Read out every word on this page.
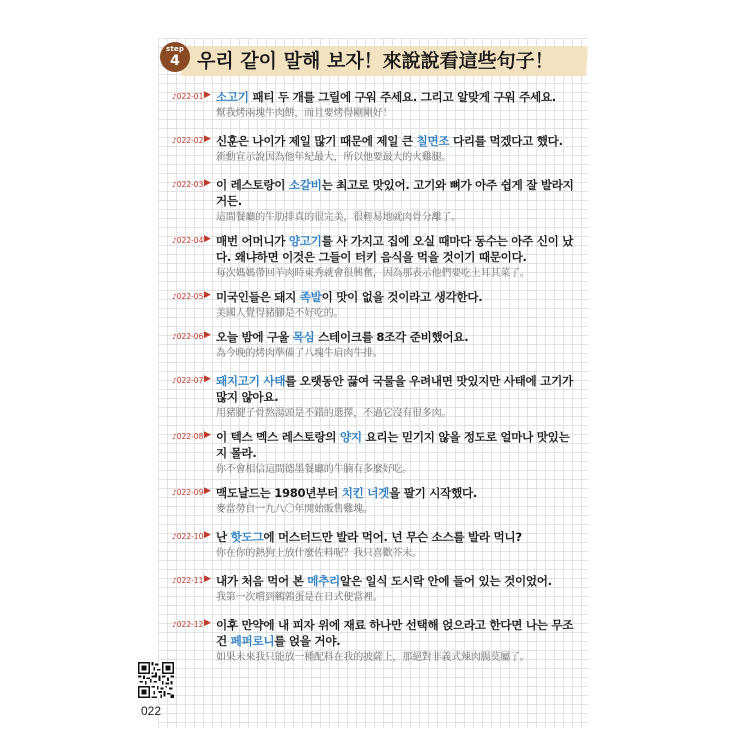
step
4 우리 같이 말해 보자！來說說看這些句子！
♪022-01 ▶ 소고기 패티 두 개를 그릴에 구워 주세요. 그리고 알맞게 구워 주세요.
幫我烤兩塊牛肉餅，而且要烤得剛剛好！
♪022-02 ▶ 신훈은 나이가 제일 많기 때문에 제일 큰 칠면조 다리를 먹겠다고 했다.
新勳宣示說因為他年紀最大，所以他要最大的火雞腿。
♪022-03 ▶ 이 레스토랑이 소갈비는 최고로 맛있어. 고기와 뼈가 아주 쉽게 잘 발라지거든.
這間餐廳的牛肋排真的很完美，很輕易地就肉骨分離了。
♪022-04 ▶ 매번 어머니가 양고기를 사 가지고 집에 오실 때마다 동수는 아주 신이 났다. 왜냐하면 이것은 그들이 터키 음식을 먹을 것이기 때문이다.
每次媽媽帶回羊肉時東秀就會很興奮，因為那表示他們要吃土耳其菜了。
♪022-05 ▶ 미국인들은 돼지 족발이 맛이 없을 것이라고 생각한다.
美國人覺得豬腳是不好吃的。
♪022-06 ▶ 오늘 밤에 구울 목심 스테이크를 8조각 준비했어요.
為今晚的烤肉準備了八塊牛肩肉牛排。
♪022-07 ▶ 돼지고기 사태를 오랫동안 끓여 국물을 우려내면 맛있지만 사태에 고기가 많지 않아요.
用豬腱子骨熬湯頭是不錯的選擇，不過它沒有很多肉。
♪022-08 ▶ 이 텍스 멕스 레스토랑의 양지 요리는 믿기지 않을 정도로 얼마나 맛있는지 몰라.
你不會相信這間德墨餐廳的牛腩有多麼好吃。
♪022-09 ▶ 맥도날드는 1980년부터 치킨 너겟을 팔기 시작했다.
麥當勞自一九八〇年開始販售雞塊。
♪022-10 ▶ 난 핫도그에 머스터드만 발라 먹어. 넌 무슨 소스를 발라 먹니?
你在你的熱狗上放什麼佐料呢？我只喜歡芥末。
♪022-11 ▶ 내가 처음 먹어 본 메추리알은 일식 도시락 안에 들어 있는 것이었어.
我第一次嚐到鵪鶉蛋是在日式便當裡。
♪022-12 ▶ 이후 만약에 내 피자 위에 재료 하나만 선택해 얹으라고 한다면 나는 무조건 페퍼로니를 얹을 거야.
如果未來我只能放一種配料在我的披薩上，那絕對非義式辣肉腸莫屬了。
022
